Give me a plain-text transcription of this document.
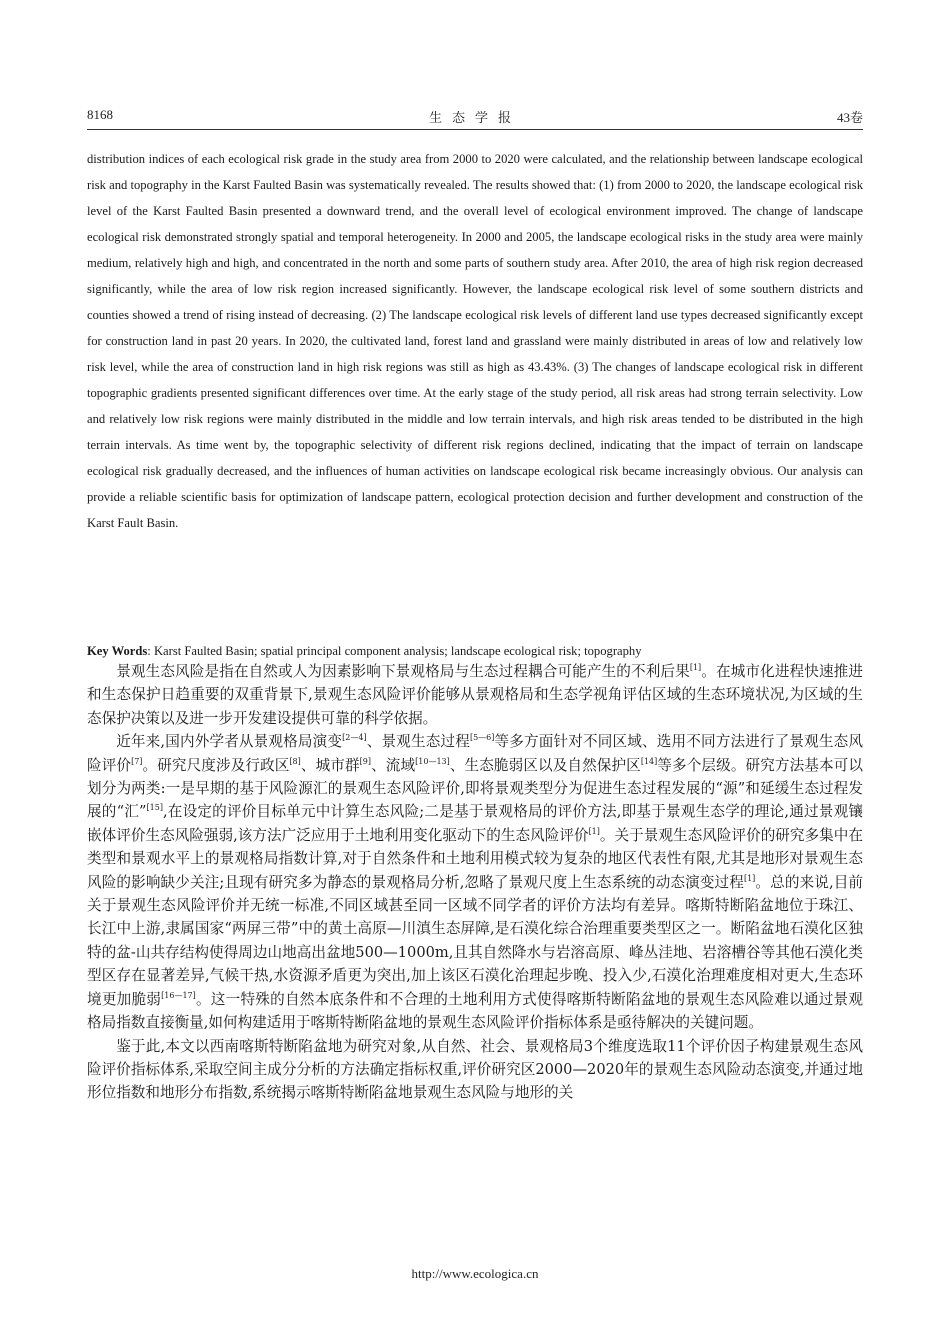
8168	生态学报	43卷
distribution indices of each ecological risk grade in the study area from 2000 to 2020 were calculated, and the relationship between landscape ecological risk and topography in the Karst Faulted Basin was systematically revealed. The results showed that: (1) from 2000 to 2020, the landscape ecological risk level of the Karst Faulted Basin presented a downward trend, and the overall level of ecological environment improved. The change of landscape ecological risk demonstrated strongly spatial and temporal heterogeneity. In 2000 and 2005, the landscape ecological risks in the study area were mainly medium, relatively high and high, and concentrated in the north and some parts of southern study area. After 2010, the area of high risk region decreased significantly, while the area of low risk region increased significantly. However, the landscape ecological risk level of some southern districts and counties showed a trend of rising instead of decreasing. (2) The landscape ecological risk levels of different land use types decreased significantly except for construction land in past 20 years. In 2020, the cultivated land, forest land and grassland were mainly distributed in areas of low and relatively low risk level, while the area of construction land in high risk regions was still as high as 43.43%. (3) The changes of landscape ecological risk in different topographic gradients presented significant differences over time. At the early stage of the study period, all risk areas had strong terrain selectivity. Low and relatively low risk regions were mainly distributed in the middle and low terrain intervals, and high risk areas tended to be distributed in the high terrain intervals. As time went by, the topographic selectivity of different risk regions declined, indicating that the impact of terrain on landscape ecological risk gradually decreased, and the influences of human activities on landscape ecological risk became increasingly obvious. Our analysis can provide a reliable scientific basis for optimization of landscape pattern, ecological protection decision and further development and construction of the Karst Fault Basin.
Key Words: Karst Faulted Basin; spatial principal component analysis; landscape ecological risk; topography

景观生态风险是指在自然或人为因素影响下景观格局与生态过程耦合可能产生的不利后果[1]。在城市化进程快速推进和生态保护日趋重要的双重背景下,景观生态风险评价能够从景观格局和生态学视角评估区域的生态环境状况,为区域的生态保护决策以及进一步开发建设提供可靠的科学依据。

近年来,国内外学者从景观格局演变[2—4]、景观生态过程[5—6]等多方面针对不同区域、选用不同方法进行了景观生态风险评价[7]。研究尺度涉及行政区[8]、城市群[9]、流域[10—13]、生态脆弱区以及自然保护区[14]等多个层级。研究方法基本可以划分为两类:一是早期的基于风险源汇的景观生态风险评价,即将景观类型分为促进生态过程发展的“源”和延缓生态过程发展的“汇”[15],在设定的评价目标单元中计算生态风险;二是基于景观格局的评价方法,即基于景观生态学的理论,通过景观镶嵌体评价生态风险强弱,该方法广泛应用于土地利用变化驱动下的生态风险评价[1]。关于景观生态风险评价的研究多集中在类型和景观水平上的景观格局指数计算,对于自然条件和土地利用模式较为复杂的地区代表性有限,尤其是地形对景观生态风险的影响缺少关注;且现有研究多为静态的景观格局分析,忽略了景观尺度上生态系统的动态演变过程[1]。总的来说,目前关于景观生态风险评价并无统一标准,不同区域甚至同一区域不同学者的评价方法均有差异。喀斯特断陷盆地位于珠江、长江中上游,隶属国家“两屏三带”中的黄土高原—川滇生态屏障,是石漠化综合治理重要类型区之一。断陷盆地石漠化区独特的盆-山共存结构使得周边山地高出盆地500—1000m,且其自然降水与岩溶高原、峰丛洼地、岩溶槽谷等其他石漠化类型区存在显著差异,气候干热,水资源矛盾更为突出,加上该区石漠化治理起步晚、投入少,石漠化治理难度相对更大,生态环境更加脆弱[16—17]。这一特殊的自然本底条件和不合理的土地利用方式使得喀斯特断陷盆地的景观生态风险难以通过景观格局指数直接衡量,如何构建适用于喀斯特断陷盆地的景观生态风险评价指标体系是亟待解决的关键问题。

鉴于此,本文以西南喀斯特断陷盆地为研究对象,从自然、社会、景观格局3个维度选取11个评价因子构建景观生态风险评价指标体系,采取空间主成分分析的方法确定指标权重,评价研究区2000—2020年的景观生态风险动态演变,并通过地形位指数和地形分布指数,系统揭示喀斯特断陷盆地景观生态风险与地形的关

http://www.ecologica.cn
